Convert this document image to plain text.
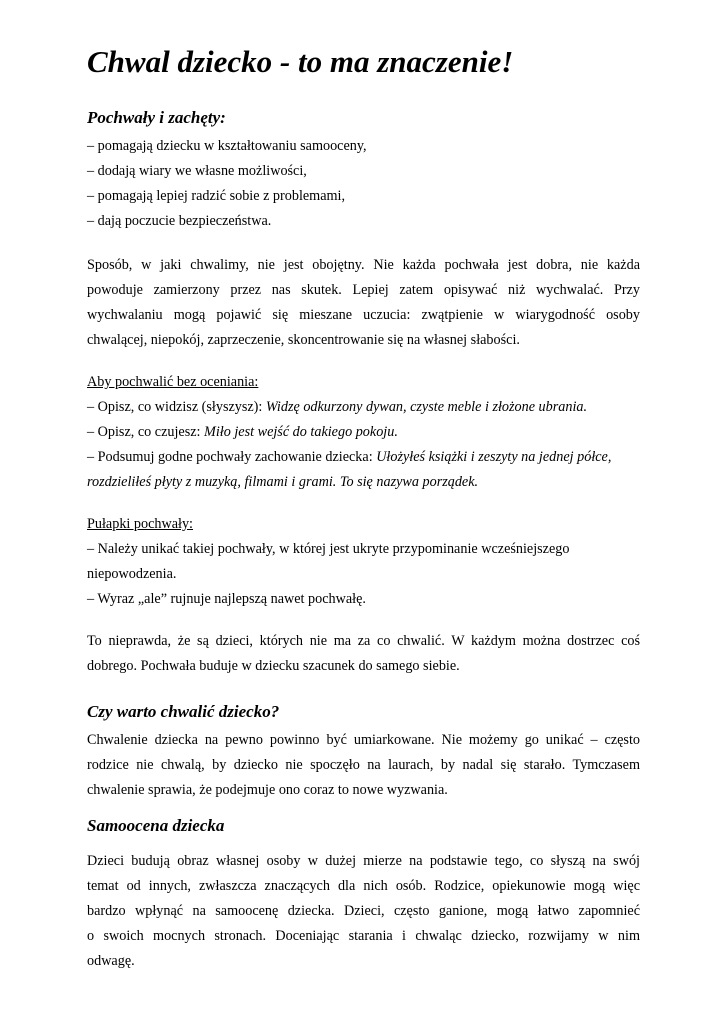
Chwal dziecko - to ma znaczenie!
Pochwały i zachęty:
– pomagają dziecku w kształtowaniu samooceny,
– dodają wiary we własne możliwości,
– pomagają lepiej radzić sobie z problemami,
– dają poczucie bezpieczeństwa.
Sposób, w jaki chwalimy, nie jest obojętny. Nie każda pochwała jest dobra, nie każda
powoduje zamierzony przez nas skutek. Lepiej zatem opisywać niż wychwalać. Przy
wychwalaniu mogą pojawić się mieszane uczucia: zwątpienie w wiarygodność osoby
chwalącej, niepokój, zaprzeczenie, skoncentrowanie się na własnej słabości.
Aby pochwalić bez oceniania:
– Opisz, co widzisz (słyszysz): Widzę odkurzony dywan, czyste meble i złożone ubrania.
– Opisz, co czujesz: Miło jest wejść do takiego pokoju.
– Podsumuj godne pochwały zachowanie dziecka: Ułożyłeś książki i zeszyty na jednej półce,
rozdzieliłeś płyty z muzyką, filmami i grami. To się nazywa porządek.
Pułapki pochwały:
– Należy unikać takiej pochwały, w której jest ukryte przypominanie wcześniejszego
niepowodzenia.
– Wyraz „ale” rujnuje najlepszą nawet pochwałę.
To nieprawda, że są dzieci, których nie ma za co chwalić. W każdym można dostrzec coś
dobrego. Pochwała buduje w dziecku szacunek do samego siebie.
Czy warto chwalić dziecko?
Chwalenie dziecka na pewno powinno być umiarkowane. Nie możemy go unikać – często
rodzice nie chwalą, by dziecko nie spoczęło na laurach, by nadal się starało. Tymczasem
chwalenie sprawia, że podejmuje ono coraz to nowe wyzwania.
Samoocena dziecka
Dzieci budują obraz własnej osoby w dużej mierze na podstawie tego, co słyszą na swój
temat od innych, zwłaszcza znaczących dla nich osób. Rodzice, opiekunowie mogą więc
bardzo wpłynąć na samoocenę dziecka. Dzieci, często ganione, mogą łatwo zapomnieć
o swoich mocnych stronach. Doceniając starania i chwaląc dziecko, rozwijamy w nim
odwagę.
